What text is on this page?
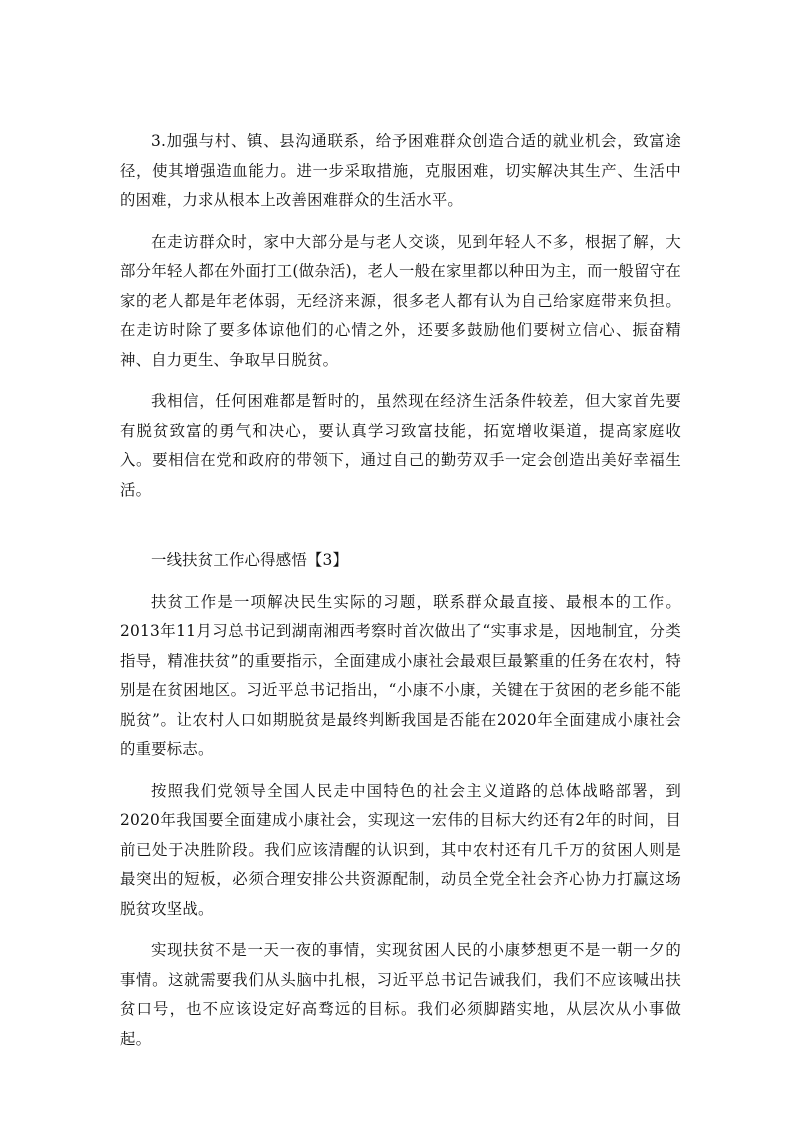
3.加强与村、镇、县沟通联系，给予困难群众创造合适的就业机会，致富途径，使其增强造血能力。进一步采取措施，克服困难，切实解决其生产、生活中的困难，力求从根本上改善困难群众的生活水平。

在走访群众时，家中大部分是与老人交谈，见到年轻人不多，根据了解，大部分年轻人都在外面打工(做杂活)，老人一般在家里都以种田为主，而一般留守在家的老人都是年老体弱，无经济来源，很多老人都有认为自己给家庭带来负担。在走访时除了要多体谅他们的心情之外，还要多鼓励他们要树立信心、振奋精神、自力更生、争取早日脱贫。

我相信，任何困难都是暂时的，虽然现在经济生活条件较差，但大家首先要有脱贫致富的勇气和决心，要认真学习致富技能，拓宽增收渠道，提高家庭收入。要相信在党和政府的带领下，通过自己的勤劳双手一定会创造出美好幸福生活。

一线扶贫工作心得感悟【3】

扶贫工作是一项解决民生实际的习题，联系群众最直接、最根本的工作。2013年11月习总书记到湖南湘西考察时首次做出了“实事求是，因地制宜，分类指导，精准扶贫”的重要指示，全面建成小康社会最艰巨最繁重的任务在农村，特别是在贫困地区。习近平总书记指出，“小康不小康，关键在于贫困的老乡能不能脱贫”。让农村人口如期脱贫是最终判断我国是否能在2020年全面建成小康社会的重要标志。

按照我们党领导全国人民走中国特色的社会主义道路的总体战略部署，到2020年我国要全面建成小康社会，实现这一宏伟的目标大约还有2年的时间，目前已处于决胜阶段。我们应该清醒的认识到，其中农村还有几千万的贫困人则是最突出的短板，必须合理安排公共资源配制，动员全党全社会齐心协力打赢这场脱贫攻坚战。

实现扶贫不是一天一夜的事情，实现贫困人民的小康梦想更不是一朝一夕的事情。这就需要我们从头脑中扎根，习近平总书记告诫我们，我们不应该喊出扶贫口号，也不应该设定好高骛远的目标。我们必须脚踏实地，从层次从小事做起。
